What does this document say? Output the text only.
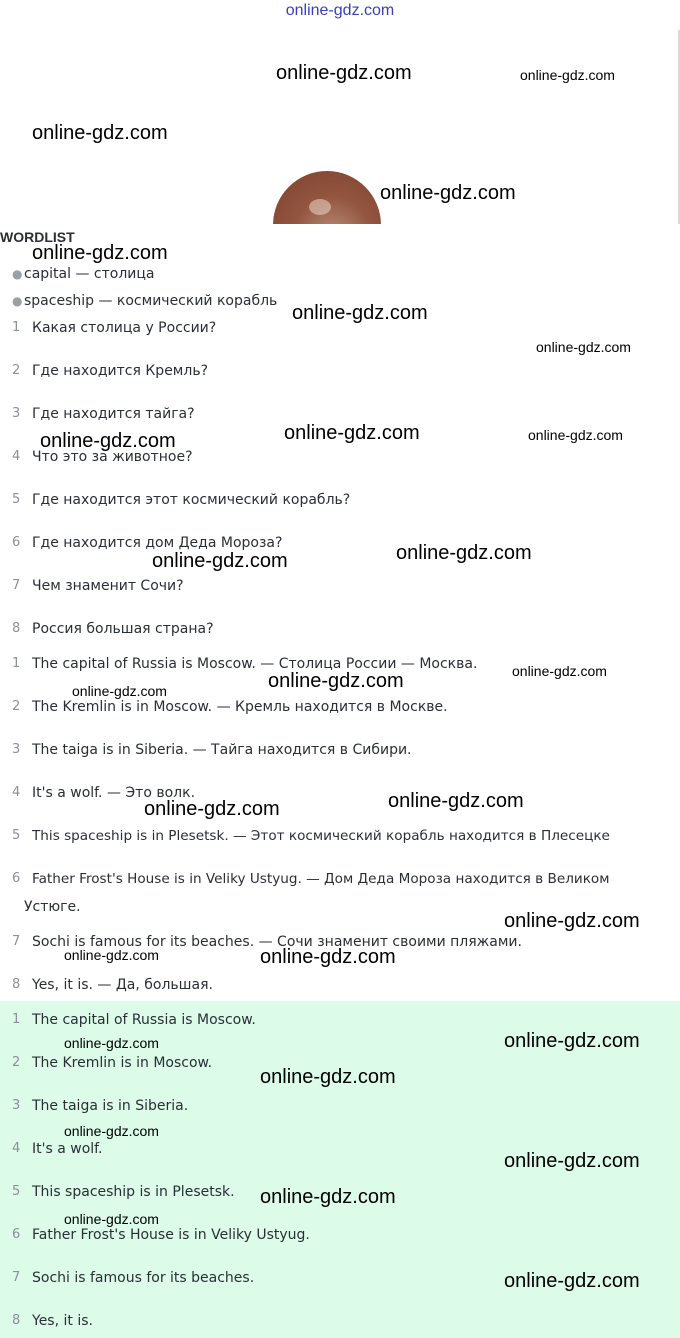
online-gdz.com
WORDLIST
● capital — столица
● spaceship — космический корабль
1 Какая столица у России?
2 Где находится Кремль?
3 Где находится тайга?
4 Что это за животное?
5 Где находится этот космический корабль?
6 Где находится дом Деда Мороза?
7 Чем знаменит Сочи?
8 Россия большая страна?
1 The capital of Russia is Moscow. — Столица России — Москва.
2 The Kremlin is in Moscow. — Кремль находится в Москве.
3 The taiga is in Siberia. — Тайга находится в Сибири.
4 It's a wolf. — Это волк.
5 This spaceship is in Plesetsk. — Этот космический корабль находится в Плесецке
6 Father Frost's House is in Veliky Ustyug. — Дом Деда Мороза находится в Великом
Устюге.
7 Sochi is famous for its beaches. — Сочи знаменит своими пляжами.
8 Yes, it is. — Да, большая.
1 The capital of Russia is Moscow.
2 The Kremlin is in Moscow.
3 The taiga is in Siberia.
4 It's a wolf.
5 This spaceship is in Plesetsk.
6 Father Frost's House is in Veliky Ustyug.
7 Sochi is famous for its beaches.
8 Yes, it is.
online-gdz.com	online-gdz.com
online-gdz.com
online-gdz.com
online-gdz.com
online-gdz.com
online-gdz.com
online-gdz.com	online-gdz.com
online-gdz.com
online-gdz.com
online-gdz.com
online-gdz.com
online-gdz.com
online-gdz.com
online-gdz.com
online-gdz.com
online-gdz.com
online-gdz.com	online-gdz.com
online-gdz.com	online-gdz.com
online-gdz.com
online-gdz.com
online-gdz.com
online-gdz.com
online-gdz.com
online-gdz.com
